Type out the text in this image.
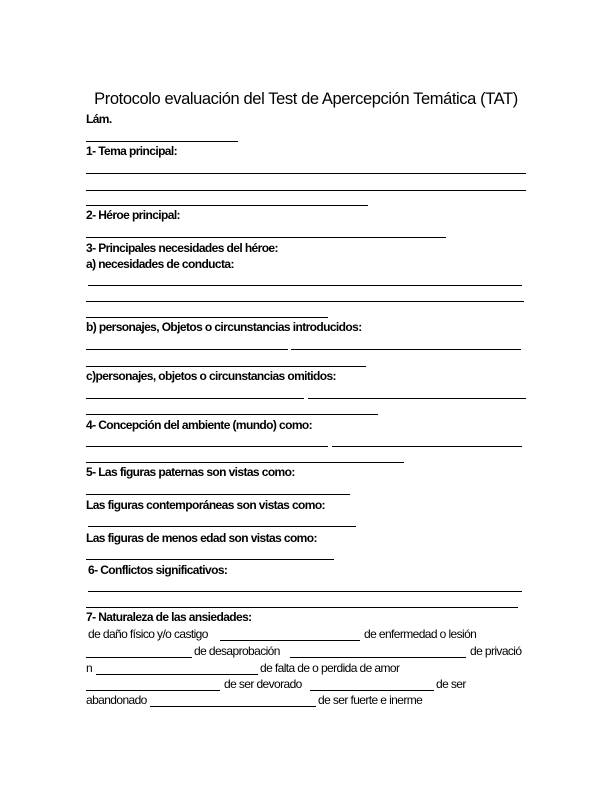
Protocolo evaluación del Test de Apercepción Temática (TAT)
Lám.
1- Tema principal:
2- Héroe principal:
3- Principales necesidades del héroe:
a) necesidades de conducta:
b) personajes, Objetos o circunstancias introducidos:
c)personajes, objetos o circunstancias omitidos:
4- Concepción del ambiente (mundo) como:
5- Las figuras paternas son vistas como:
Las figuras contemporáneas son vistas como:
Las figuras de menos edad son vistas como:
6- Conflictos significativos:
7- Naturaleza de las ansiedades:
de daño físico y/o castigo	de enfermedad o lesión
de desaprobación	de privació
n	de falta de o perdida de amor
de ser devorado	de ser
abandonado	de ser fuerte e inerme
